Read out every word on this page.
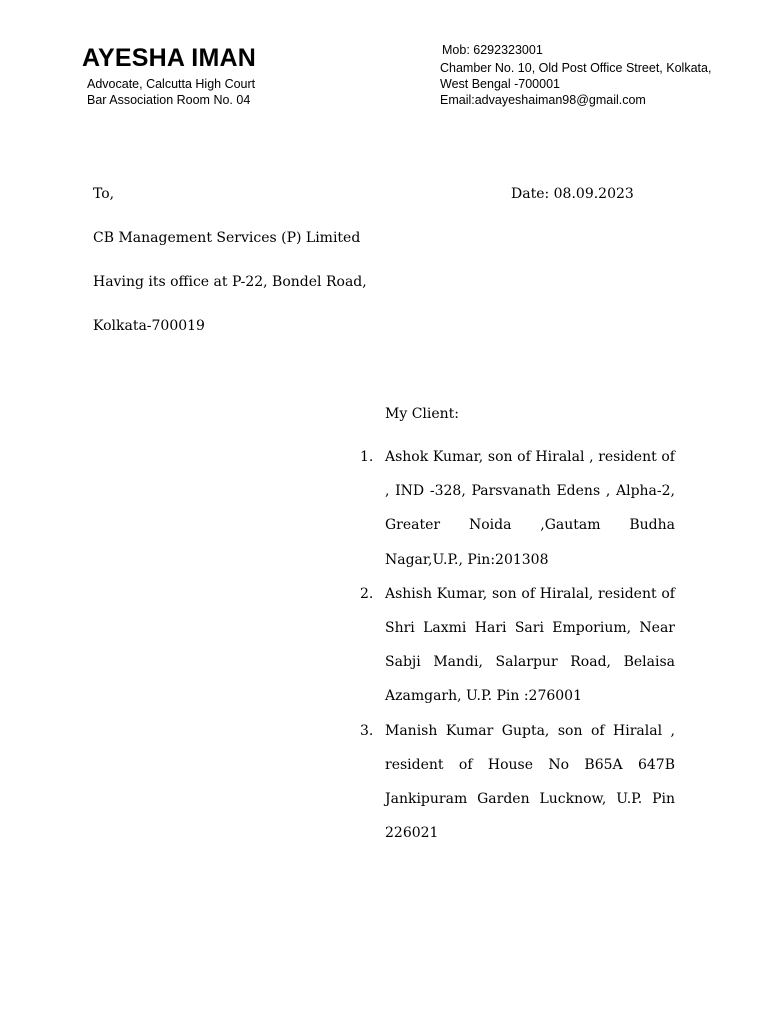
AYESHA IMAN
Advocate, Calcutta High Court
Bar Association Room No. 04
Mob: 6292323001
Chamber No. 10, Old Post Office Street, Kolkata,
West Bengal -700001
Email:advayeshaiman98@gmail.com
To,	Date: 08.09.2023
CB Management Services (P) Limited
Having its office at P-22, Bondel Road,
Kolkata-700019
My Client:
1. Ashok Kumar, son of Hiralal , resident of , IND -328, Parsvanath Edens , Alpha-2, Greater Noida ,Gautam Budha Nagar,U.P., Pin:201308
2. Ashish Kumar, son of Hiralal, resident of Shri Laxmi Hari Sari Emporium, Near Sabji Mandi, Salarpur Road, Belaisa Azamgarh, U.P. Pin :276001
3. Manish Kumar Gupta, son of Hiralal , resident of House No B65A 647B Jankipuram Garden Lucknow, U.P. Pin 226021
